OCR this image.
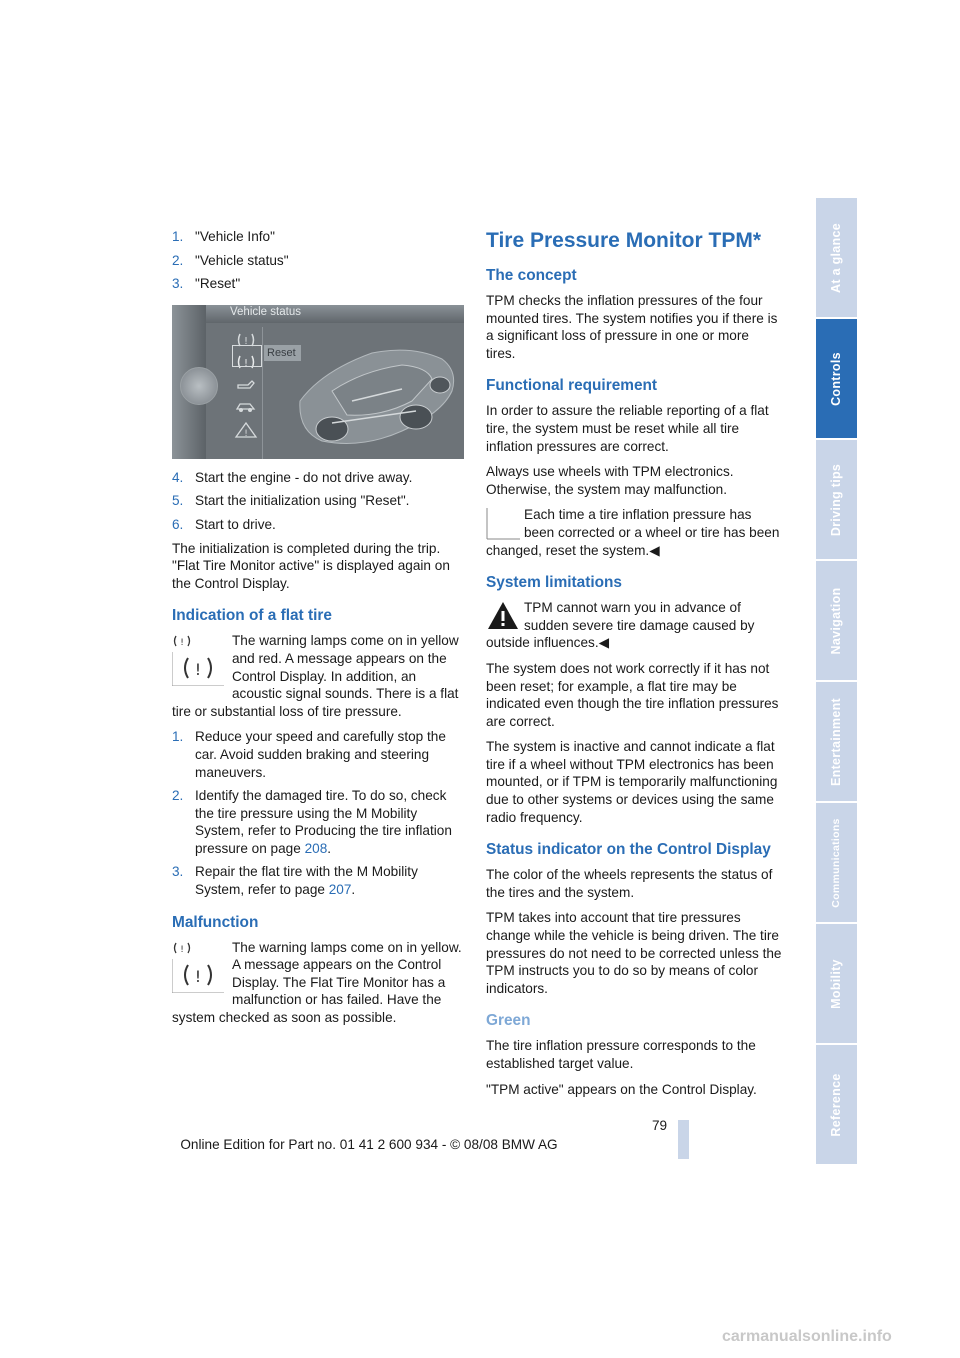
1. "Vehicle Info"
2. "Vehicle status"
3. "Reset"
Vehicle status
!
!
!
Reset
4. Start the engine - do not drive away.
5. Start the initialization using "Reset".
6. Start to drive.

The initialization is completed during the trip. "Flat Tire Monitor active" is displayed again on the Control Display.

Indication of a flat tire
!
!
The warning lamps come on in yellow and red. A message appears on the Control Display. In addition, an acoustic signal sounds. There is a flat tire or substantial loss of tire pressure.
1. Reduce your speed and carefully stop the car. Avoid sudden braking and steering maneuvers.
2. Identify the damaged tire. To do so, check the tire pressure using the M Mobility System, refer to Producing the tire inflation pressure on page 208.
3. Repair the flat tire with the M Mobility System, refer to page 207.
Malfunction
!
!
The warning lamps come on in yellow. A message appears on the Control Display. The Flat Tire Monitor has a malfunction or has failed. Have the system checked as soon as possible.
Tire Pressure Monitor TPM*
The concept

TPM checks the inflation pressures of the four mounted tires. The system notifies you if there is a significant loss of pressure in one or more tires.

Functional requirement

In order to assure the reliable reporting of a flat tire, the system must be reset while all tire inflation pressures are correct.

Always use wheels with TPM electronics. Otherwise, the system may malfunction.

Each time a tire inflation pressure has been corrected or a wheel or tire has been changed, reset the system.◀
System limitations
TPM cannot warn you in advance of sudden severe tire damage caused by outside influences.◀

The system does not work correctly if it has not been reset; for example, a flat tire may be indicated even though the tire inflation pressures are correct.

The system is inactive and cannot indicate a flat tire if a wheel without TPM electronics has been mounted, or if TPM is temporarily malfunctioning due to other systems or devices using the same radio frequency.

Status indicator on the Control Display

The color of the wheels represents the status of the tires and the system.

TPM takes into account that tire pressures change while the vehicle is being driven. The tire pressures do not need to be corrected unless the TPM instructs you to do so by means of color indicators.

Green

The tire inflation pressure corresponds to the established target value.

"TPM active" appears on the Control Display.

At a glance
Controls
Driving tips
Navigation
Entertainment
Communications
Mobility
Reference
79
Online Edition for Part no. 01 41 2 600 934 - © 08/08 BMW AG
carmanualsonline.info
